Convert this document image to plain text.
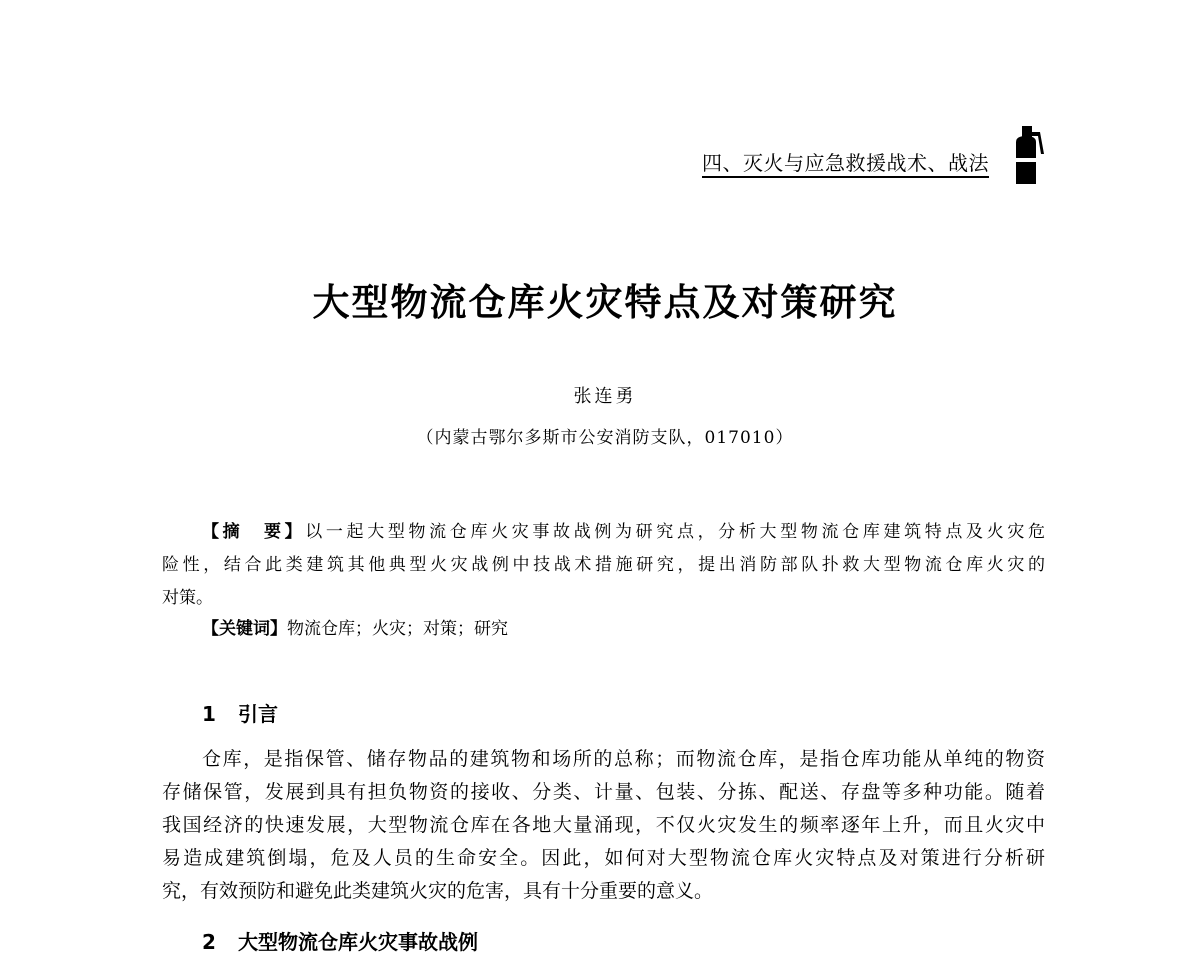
四、灭火与应急救援战术、战法
大型物流仓库火灾特点及对策研究
张连勇
（内蒙古鄂尔多斯市公安消防支队，017010）
【摘　要】以一起大型物流仓库火灾事故战例为研究点，分析大型物流仓库建筑特点及火灾危
险性，结合此类建筑其他典型火灾战例中技战术措施研究，提出消防部队扑救大型物流仓库火灾的
对策。
【关键词】物流仓库；火灾；对策；研究
1 引言
仓库，是指保管、储存物品的建筑物和场所的总称；而物流仓库，是指仓库功能从单纯的物资
存储保管，发展到具有担负物资的接收、分类、计量、包装、分拣、配送、存盘等多种功能。随着
我国经济的快速发展，大型物流仓库在各地大量涌现，不仅火灾发生的频率逐年上升，而且火灾中
易造成建筑倒塌，危及人员的生命安全。因此，如何对大型物流仓库火灾特点及对策进行分析研
究，有效预防和避免此类建筑火灾的危害，具有十分重要的意义。
2 大型物流仓库火灾事故战例
